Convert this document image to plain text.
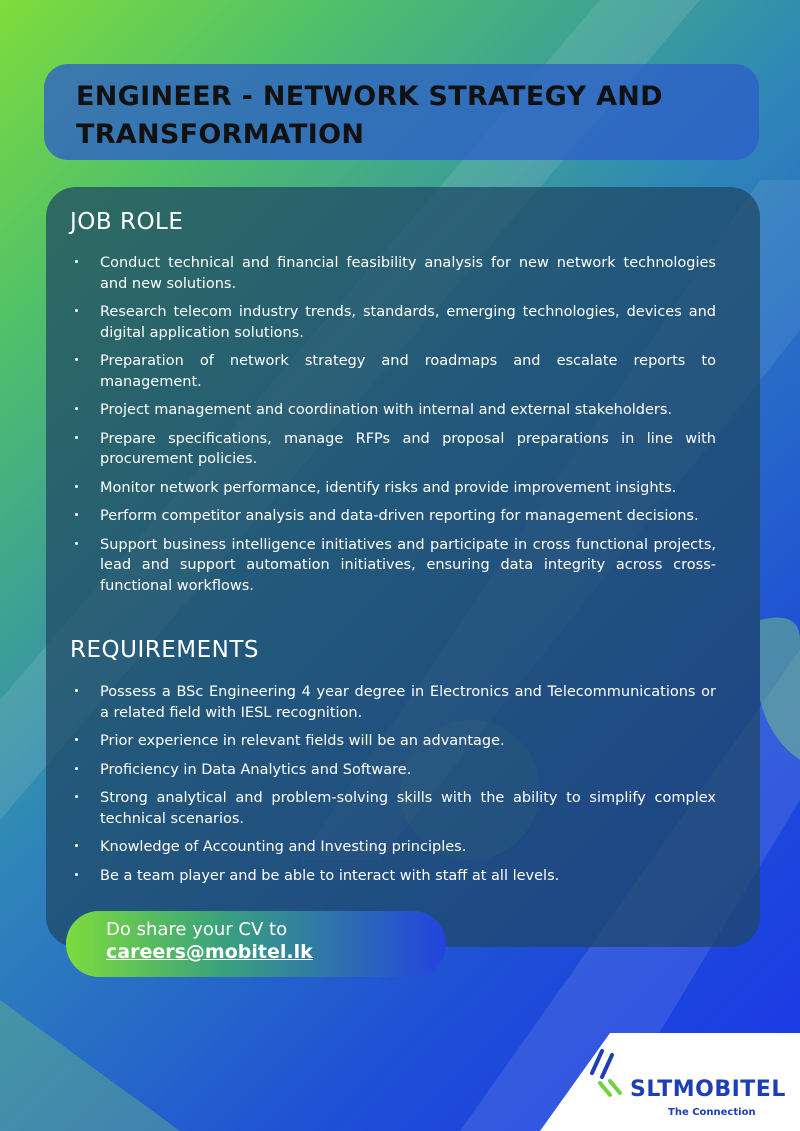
ENGINEER - NETWORK STRATEGY AND
TRANSFORMATION
JOB ROLE
Conduct technical and financial feasibility analysis for new network technologies and new solutions.
Research telecom industry trends, standards, emerging technologies, devices and digital application solutions.
Preparation of network strategy and roadmaps and escalate reports to management.
Project management and coordination with internal and external stakeholders.
Prepare specifications, manage RFPs and proposal preparations in line with procurement policies.
Monitor network performance, identify risks and provide improvement insights.
Perform competitor analysis and data-driven reporting for management decisions.
Support business intelligence initiatives and participate in cross functional projects, lead and support automation initiatives, ensuring data integrity across cross-functional workflows.
REQUIREMENTS
Possess a BSc Engineering 4 year degree in Electronics and Telecommunications or a related field with IESL recognition.
Prior experience in relevant fields will be an advantage.
Proficiency in Data Analytics and Software.
Strong analytical and problem-solving skills with the ability to simplify complex technical scenarios.
Knowledge of Accounting and Investing principles.
Be a team player and be able to interact with staff at all levels.
Do share your CV to
careers@mobitel.lk
SLTMOBITEL
The Connection
